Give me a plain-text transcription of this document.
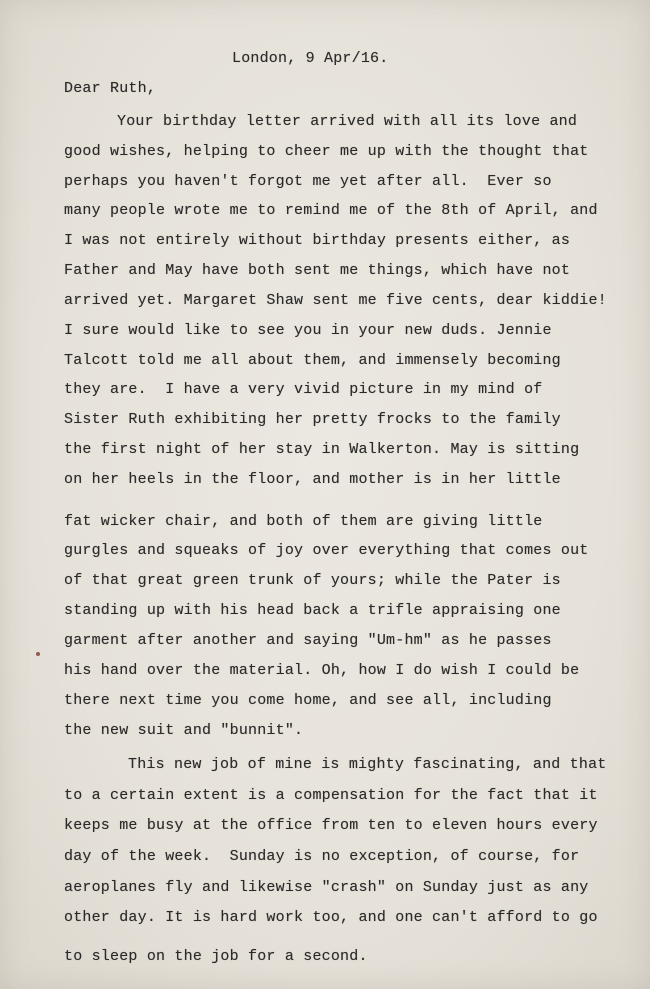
London, 9 Apr/16.
Dear Ruth,
Your birthday letter arrived with all its love and
good wishes, helping to cheer me up with the thought that
perhaps you haven't forgot me yet after all.  Ever so
many people wrote me to remind me of the 8th of April, and
I was not entirely without birthday presents either, as
Father and May have both sent me things, which have not
arrived yet. Margaret Shaw sent me five cents, dear kiddie!
I sure would like to see you in your new duds. Jennie
Talcott told me all about them, and immensely becoming
they are.  I have a very vivid picture in my mind of
Sister Ruth exhibiting her pretty frocks to the family
the first night of her stay in Walkerton. May is sitting
on her heels in the floor, and mother is in her little
fat wicker chair, and both of them are giving little
gurgles and squeaks of joy over everything that comes out
of that great green trunk of yours; while the Pater is
standing up with his head back a trifle appraising one
garment after another and saying "Um-hm" as he passes
his hand over the material. Oh, how I do wish I could be
there next time you come home, and see all, including
the new suit and "bunnit".
This new job of mine is mighty fascinating, and that
to a certain extent is a compensation for the fact that it
keeps me busy at the office from ten to eleven hours every
day of the week.  Sunday is no exception, of course, for
aeroplanes fly and likewise "crash" on Sunday just as any
other day. It is hard work too, and one can't afford to go
to sleep on the job for a second.
